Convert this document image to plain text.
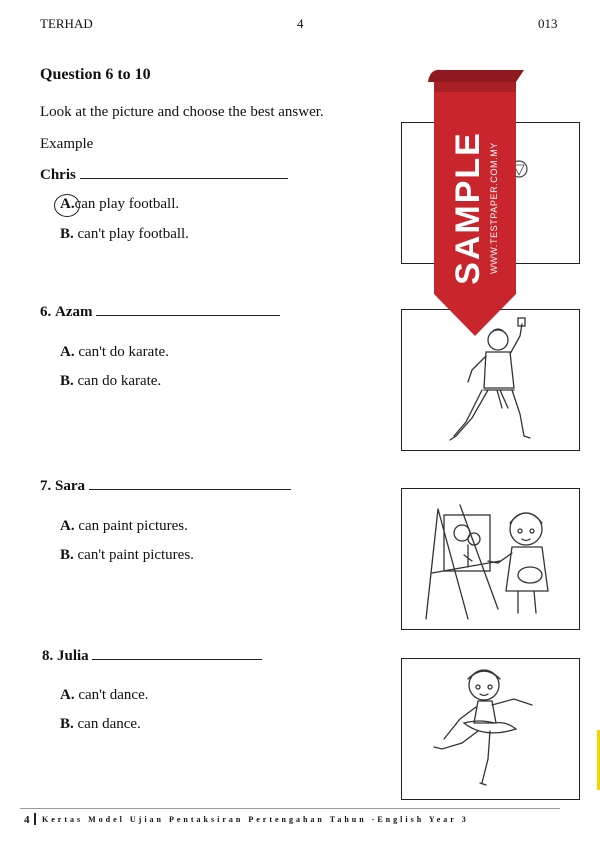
TERHAD	4	013
Question 6 to 10
Look at the picture and choose the best answer.
Example
Chris
A.can play football.
B. can't play football.
6. Azam
A. can't do karate.
B. can do karate.
7. Sara
A. can paint pictures.
B. can't paint pictures.
8. Julia
A. can't dance.
B. can dance.
SAMPLE WWW.TESTPAPER.COM.MY
4 Kertas Model Ujian Pentaksiran Pertengahan Tahun -English Year 3
